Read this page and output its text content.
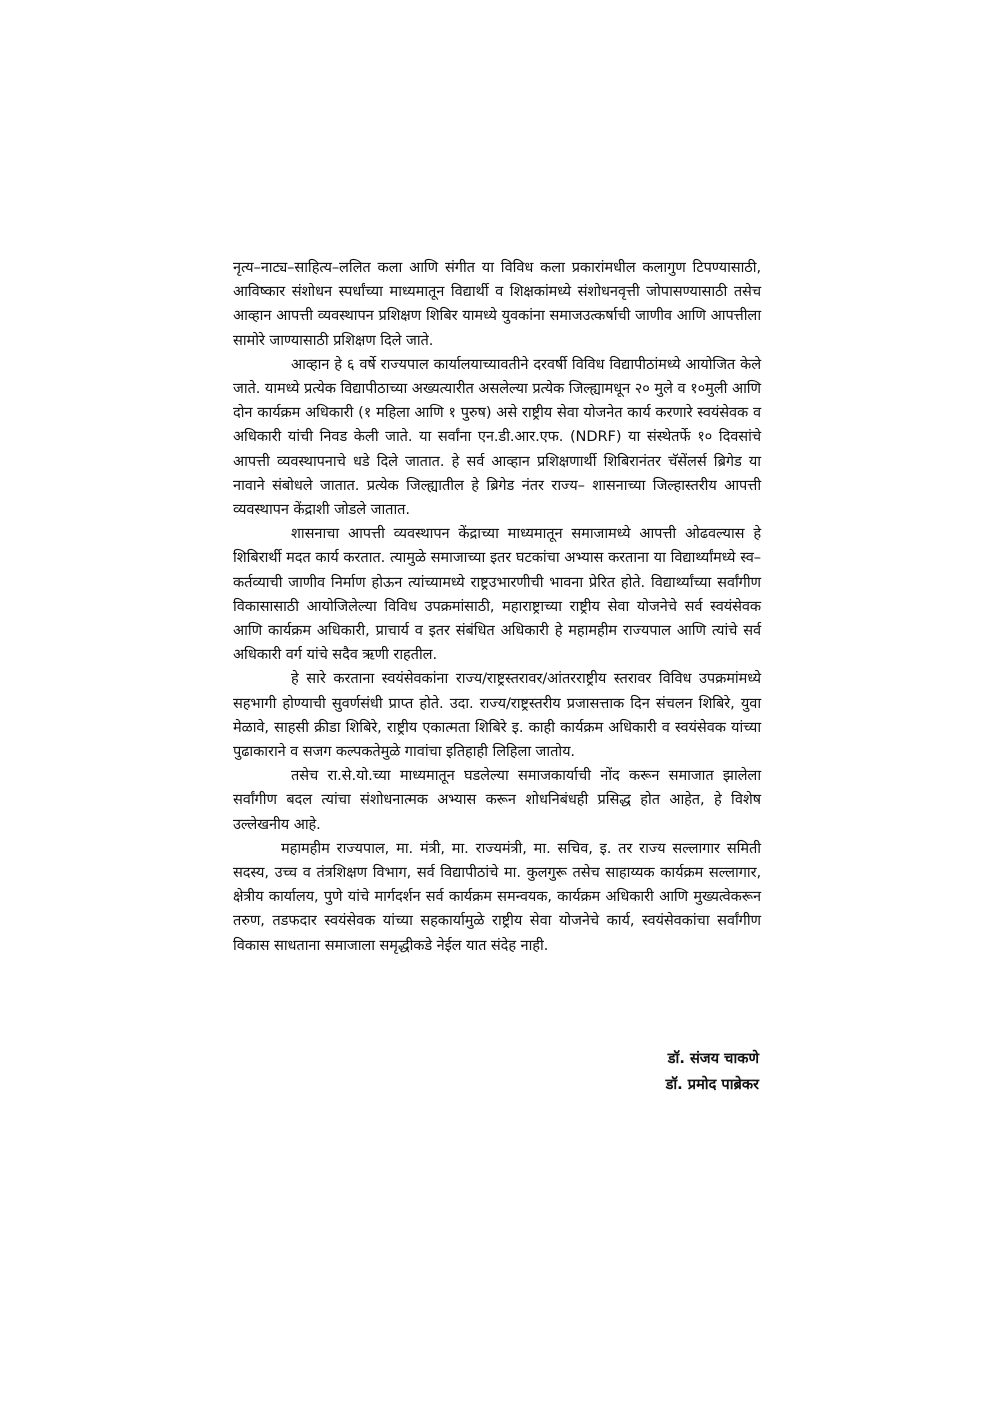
नृत्य–नाट्य–साहित्य–ललित कला आणि संगीत या विविध कला प्रकारांमधील कलागुण टिपण्यासाठी, आविष्कार संशोधन स्पर्धांच्या माध्यमातून विद्यार्थी व शिक्षकांमध्ये संशोधनवृत्ती जोपासण्यासाठी तसेच आव्हान आपत्ती व्यवस्थापन प्रशिक्षण शिबिर यामध्ये युवकांना समाजउत्कर्षाची जाणीव आणि आपत्तीला सामोरे जाण्यासाठी प्रशिक्षण दिले जाते.

आव्हान हे ६ वर्षे राज्यपाल कार्यालयाच्यावतीने दरवर्षी विविध विद्यापीठांमध्ये आयोजित केले जाते. यामध्ये प्रत्येक विद्यापीठाच्या अख्यत्यारीत असलेल्या प्रत्येक जिल्ह्यामधून २० मुले व १०मुली आणि दोन कार्यक्रम अधिकारी (१ महिला आणि १ पुरुष) असे राष्ट्रीय सेवा योजनेत कार्य करणारे स्वयंसेवक व अधिकारी यांची निवड केली जाते. या सर्वांना एन.डी.आर.एफ. (NDRF) या संस्थेतर्फे १० दिवसांचे आपत्ती व्यवस्थापनाचे धडे दिले जातात. हे सर्व आव्हान प्रशिक्षणार्थी शिबिरानंतर चॅसेंलर्स ब्रिगेड या नावाने संबोधले जातात. प्रत्येक जिल्ह्यातील हे ब्रिगेड नंतर राज्य– शासनाच्या जिल्हास्तरीय आपत्ती व्यवस्थापन केंद्राशी जोडले जातात.

शासनाचा आपत्ती व्यवस्थापन केंद्राच्या माध्यमातून समाजामध्ये आपत्ती ओढवल्यास हे शिबिरार्थी मदत कार्य करतात. त्यामुळे समाजाच्या इतर घटकांचा अभ्यास करताना या विद्यार्थ्यांमध्ये स्व–कर्तव्याची जाणीव निर्माण होऊन त्यांच्यामध्ये राष्ट्रउभारणीची भावना प्रेरित होते. विद्यार्थ्यांच्या सर्वांगीण विकासासाठी आयोजिलेल्या विविध उपक्रमांसाठी, महाराष्ट्राच्या राष्ट्रीय सेवा योजनेचे सर्व स्वयंसेवक आणि कार्यक्रम अधिकारी, प्राचार्य व इतर संबंधित अधिकारी हे महामहीम राज्यपाल आणि त्यांचे सर्व अधिकारी वर्ग यांचे सदैव ऋणी राहतील.

हे सारे करताना स्वयंसेवकांना राज्य/राष्ट्रस्तरावर/आंतरराष्ट्रीय स्तरावर विविध उपक्रमांमध्ये सहभागी होण्याची सुवर्णसंधी प्राप्त होते. उदा. राज्य/राष्ट्रस्तरीय प्रजासत्ताक दिन संचलन शिबिरे, युवा मेळावे, साहसी क्रीडा शिबिरे, राष्ट्रीय एकात्मता शिबिरे इ. काही कार्यक्रम अधिकारी व स्वयंसेवक यांच्या पुढाकाराने व सजग कल्पकतेमुळे गावांचा इतिहाही लिहिला जातोय.

तसेच रा.से.यो.च्या माध्यमातून घडलेल्या समाजकार्याची नोंद करून समाजात झालेला सर्वांगीण बदल त्यांचा संशोधनात्मक अभ्यास करून शोधनिबंधही प्रसिद्ध होत आहेत, हे विशेष उल्लेखनीय आहे.

महामहीम राज्यपाल, मा. मंत्री, मा. राज्यमंत्री, मा. सचिव, इ. तर राज्य सल्लागार समिती सदस्य, उच्च व तंत्रशिक्षण विभाग, सर्व विद्यापीठांचे मा. कुलगुरू तसेच साहाय्यक कार्यक्रम सल्लागार, क्षेत्रीय कार्यालय, पुणे यांचे मार्गदर्शन सर्व कार्यक्रम समन्वयक, कार्यक्रम अधिकारी आणि मुख्यत्वेकरून तरुण, तडफदार स्वयंसेवक यांच्या सहकार्यामुळे राष्ट्रीय सेवा योजनेचे कार्य, स्वयंसेवकांचा सर्वांगीण विकास साधताना समाजाला समृद्धीकडे नेईल यात संदेह नाही.

डॉ. संजय चाकणे
डॉ. प्रमोद पाब्रेकर
